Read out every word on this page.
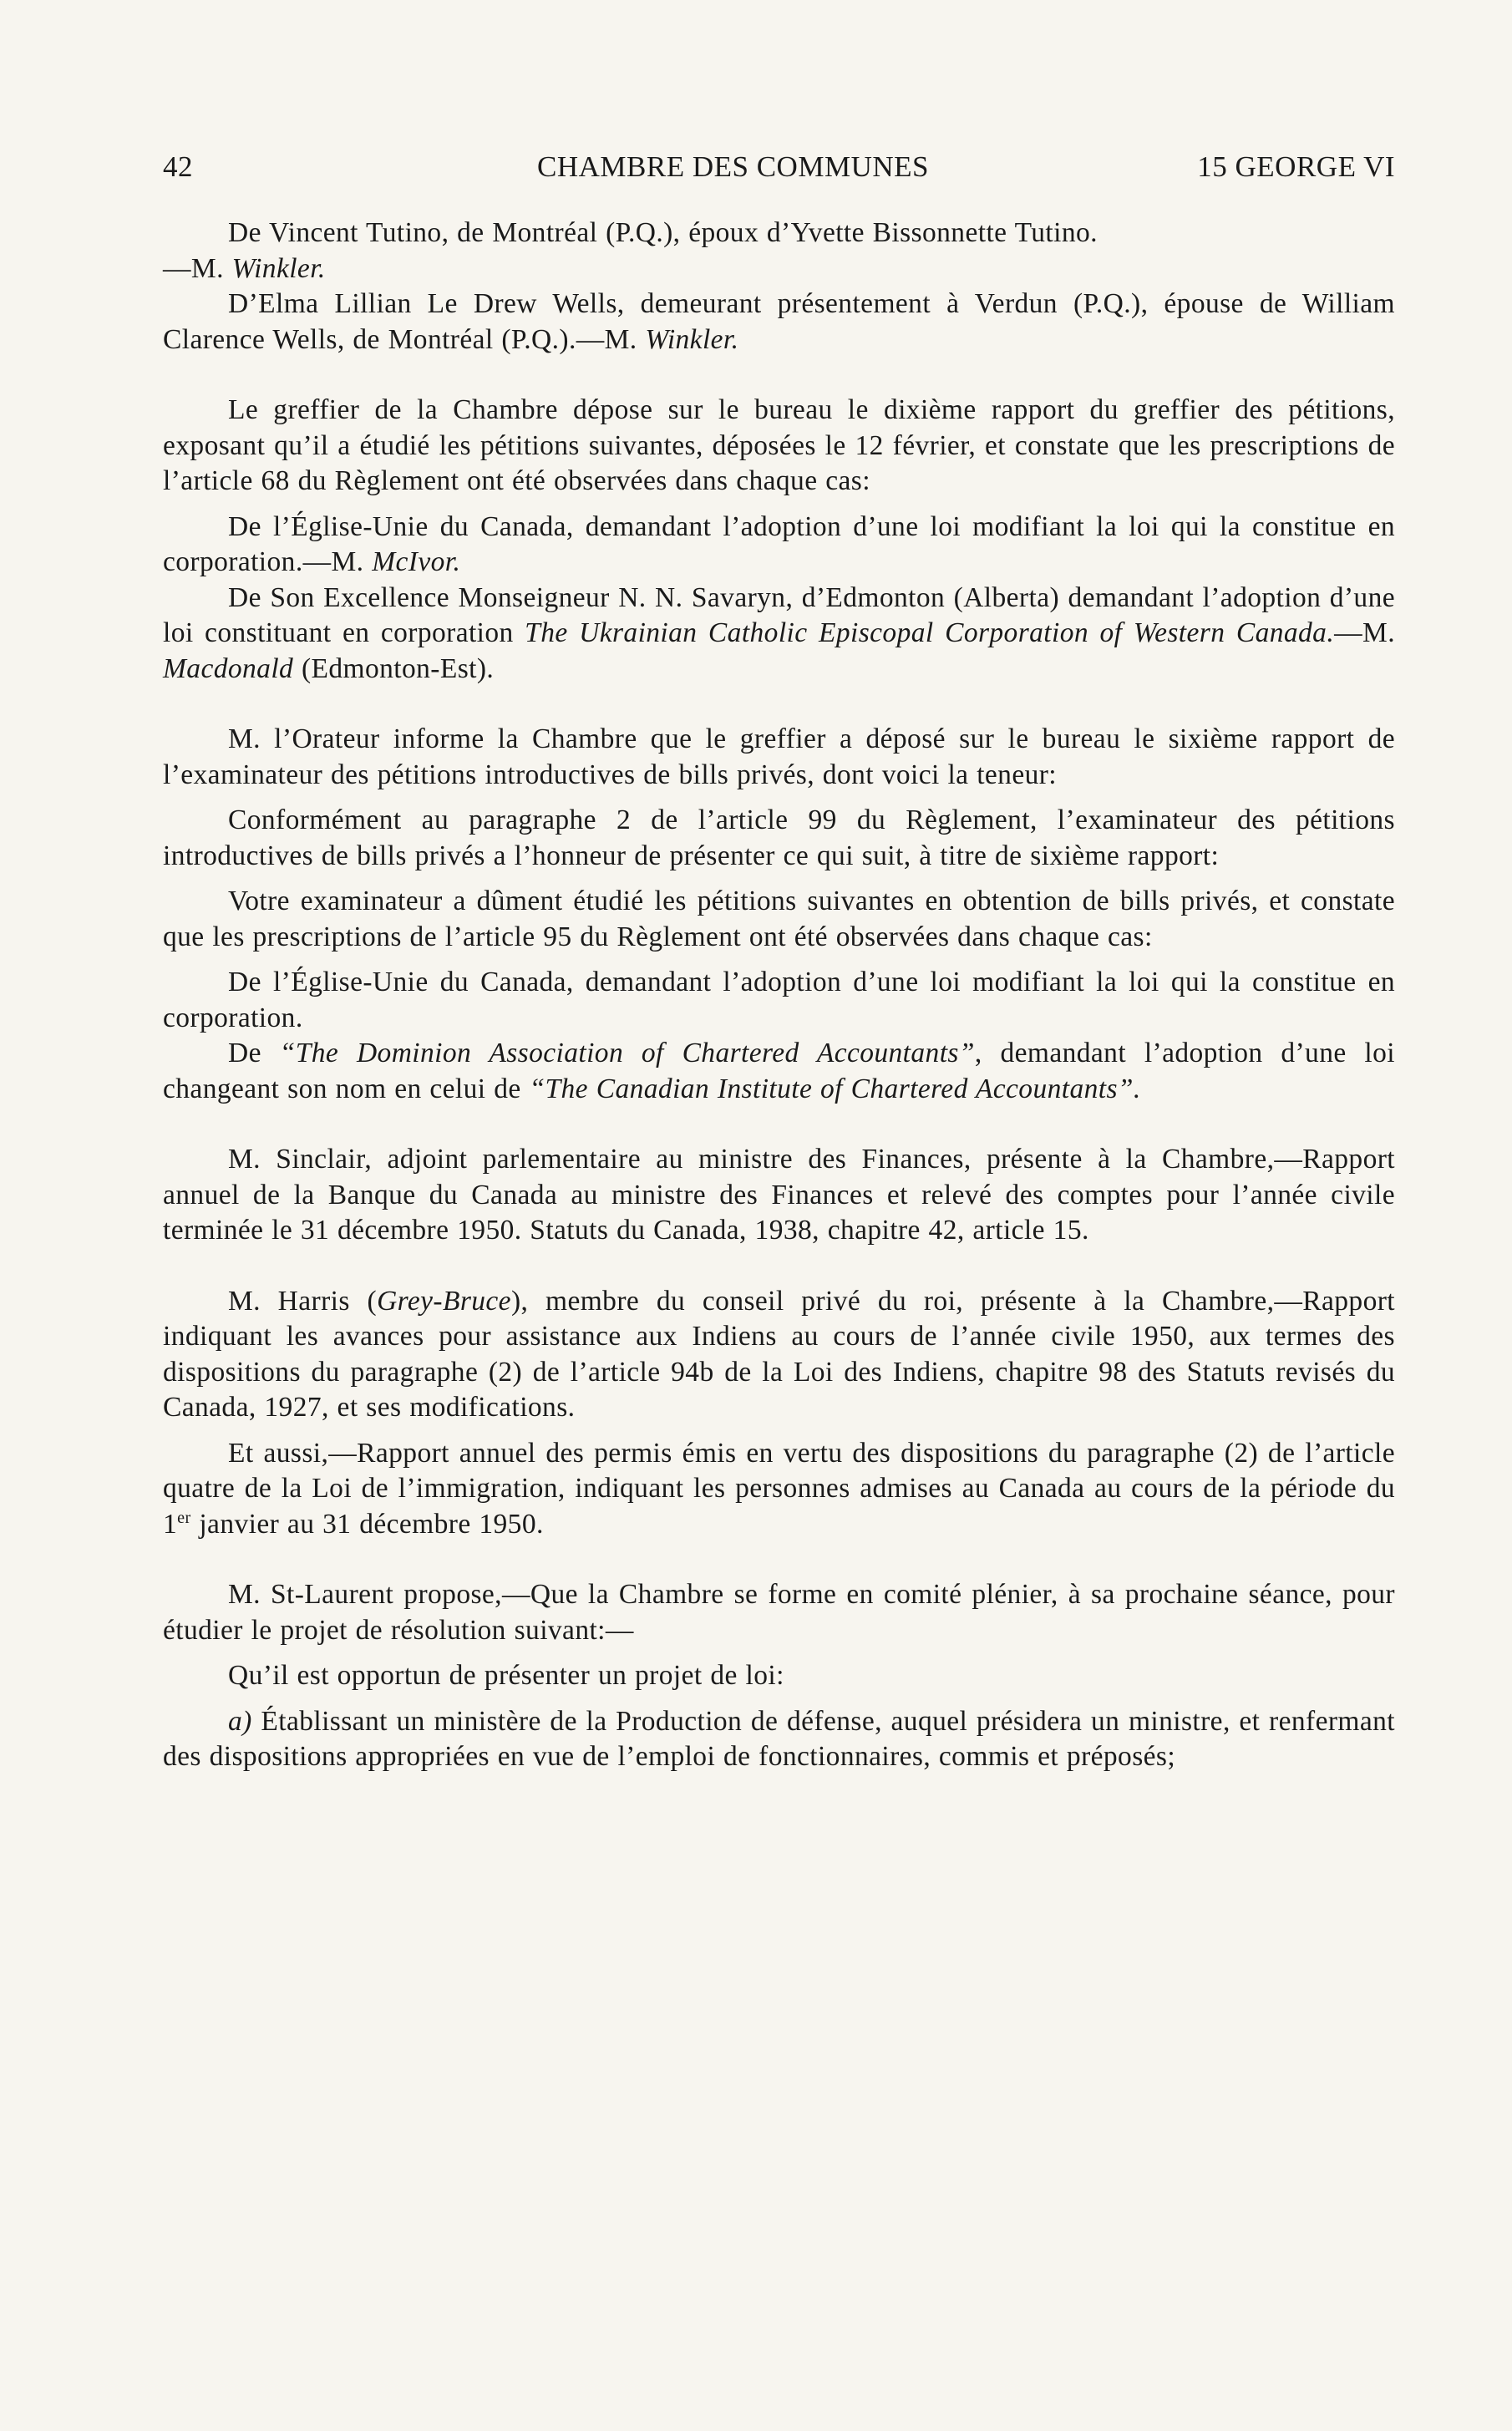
42	CHAMBRE DES COMMUNES	15 GEORGE VI

De Vincent Tutino, de Montréal (P.Q.), époux d’Yvette Bissonnette Tutino.

—M. Winkler.

D’Elma Lillian Le Drew Wells, demeurant présentement à Verdun (P.Q.), épouse de William Clarence Wells, de Montréal (P.Q.).—M. Winkler.

Le greffier de la Chambre dépose sur le bureau le dixième rapport du greffier des pétitions, exposant qu’il a étudié les pétitions suivantes, déposées le 12 février, et constate que les prescriptions de l’article 68 du Règlement ont été observées dans chaque cas:

De l’Église-Unie du Canada, demandant l’adoption d’une loi modifiant la loi qui la constitue en corporation.—M. McIvor.

De Son Excellence Monseigneur N. N. Savaryn, d’Edmonton (Alberta) demandant l’adoption d’une loi constituant en corporation The Ukrainian Catholic Episcopal Corporation of Western Canada.—M. Macdonald (Edmonton-Est).

M. l’Orateur informe la Chambre que le greffier a déposé sur le bureau le sixième rapport de l’examinateur des pétitions introductives de bills privés, dont voici la teneur:

Conformément au paragraphe 2 de l’article 99 du Règlement, l’examinateur des pétitions introductives de bills privés a l’honneur de présenter ce qui suit, à titre de sixième rapport:

Votre examinateur a dûment étudié les pétitions suivantes en obtention de bills privés, et constate que les prescriptions de l’article 95 du Règlement ont été observées dans chaque cas:

De l’Église-Unie du Canada, demandant l’adoption d’une loi modifiant la loi qui la constitue en corporation.

De “The Dominion Association of Chartered Accountants”, demandant l’adoption d’une loi changeant son nom en celui de “The Canadian Institute of Chartered Accountants”.

M. Sinclair, adjoint parlementaire au ministre des Finances, présente à la Chambre,—Rapport annuel de la Banque du Canada au ministre des Finances et relevé des comptes pour l’année civile terminée le 31 décembre 1950. Statuts du Canada, 1938, chapitre 42, article 15.

M. Harris (Grey-Bruce), membre du conseil privé du roi, présente à la Chambre,—Rapport indiquant les avances pour assistance aux Indiens au cours de l’année civile 1950, aux termes des dispositions du paragraphe (2) de l’article 94b de la Loi des Indiens, chapitre 98 des Statuts revisés du Canada, 1927, et ses modifications.

Et aussi,—Rapport annuel des permis émis en vertu des dispositions du paragraphe (2) de l’article quatre de la Loi de l’immigration, indiquant les personnes admises au Canada au cours de la période du 1er janvier au 31 décembre 1950.

M. St-Laurent propose,—Que la Chambre se forme en comité plénier, à sa prochaine séance, pour étudier le projet de résolution suivant:—

Qu’il est opportun de présenter un projet de loi:

a) Établissant un ministère de la Production de défense, auquel présidera un ministre, et renfermant des dispositions appropriées en vue de l’emploi de fonctionnaires, commis et préposés;
